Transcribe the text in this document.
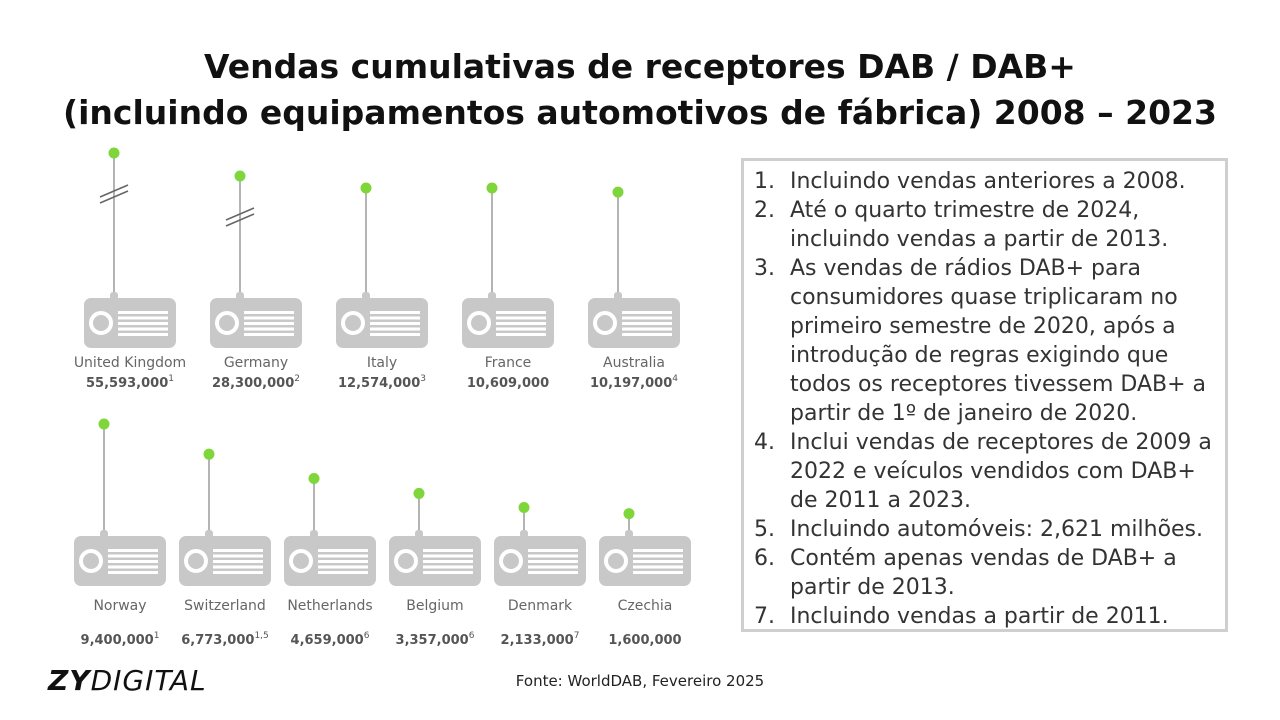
Vendas cumulativas de receptores DAB / DAB+
(incluindo equipamentos automotivos de fábrica) 2008 – 2023
United Kingdom
55,593,000$^1$
Germany
28,300,000$^2$
Italy
12,574,000$^3$
France
10,609,000
Australia
10,197,000$^4$
Norway
9,400,000$^1$
Switzerland
6,773,000$^{1,5}$
Netherlands
4,659,000$^6$
Belgium
3,357,000$^6$
Denmark
2,133,000$^7$
Czechia
1,600,000
1. Incluindo vendas anteriores a 2008.
2. Até o quarto trimestre de 2024, incluindo vendas a partir de 2013.
3. As vendas de rádios DAB+ para consumidores quase triplicaram no primeiro semestre de 2020, após a introdução de regras exigindo que todos os receptores tivessem DAB+ a partir de 1º de janeiro de 2020.
4. Inclui vendas de receptores de 2009 a 2022 e veículos vendidos com DAB+ de 2011 a 2023.
5. Incluindo automóveis: 2,621 milhões.
6. Contém apenas vendas de DAB+ a partir de 2013.
7. Incluindo vendas a partir de 2011.
Fonte: WorldDAB, Fevereiro 2025
ZYDIGITAL
